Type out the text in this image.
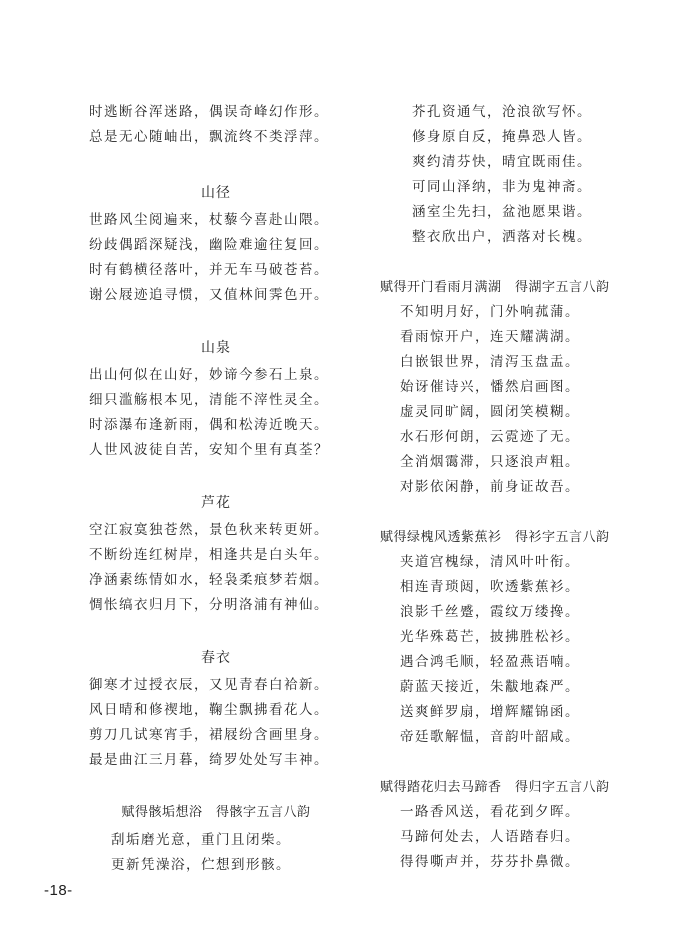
时逃断谷浑迷路，偶误奇峰幻作形。

总是无心随岫出，飘流终不类浮萍。

山径

世路风尘阅遍来，杖藜今喜赴山隈。

纷歧偶蹈深疑浅，幽险难逾往复回。

时有鹤横径落叶，并无车马破苍苔。

谢公屐迹追寻惯，又值林间霁色开。

山泉

出山何似在山好，妙谛今参石上泉。

细只滥觞根本见，清能不滓性灵全。

时添瀑布逢新雨，偶和松涛近晚天。

人世风波徒自苦，安知个里有真荃？

芦花

空江寂寞独苍然，景色秋来转更妍。

不断纷连红树岸，相逢共是白头年。

净涵素练情如水，轻袅柔痕梦若烟。

惆怅缟衣归月下，分明洛浦有神仙。

春衣

御寒才过授衣辰，又见青春白袷新。

风日晴和修禊地，鞠尘飘拂看花人。

剪刀几试寒宵手，裙屐纷含画里身。

最是曲江三月暮，绮罗处处写丰神。

赋得骸垢想浴　得骸字五言八韵

刮垢磨光意，重门且闭柴。

更新凭澡浴，伫想到形骸。

芥孔资通气，沧浪欲写怀。

修身原自反，掩鼻恐人皆。

爽约清芬快，晴宜既雨佳。

可同山泽纳，非为鬼神斋。

涵室尘先扫，盆池愿果谐。

整衣欣出户，洒落对长槐。

赋得开门看雨月满湖　得湖字五言八韵

不知明月好，门外响菰蒲。

看雨惊开户，连天耀满湖。

白嵌银世界，清泻玉盘盂。

始讶催诗兴，憣然启画图。

虚灵同旷阔，圆闭笑模糊。

水石形何朗，云霓迹了无。

全消烟霭滞，只逐浪声粗。

对影依闲静，前身证故吾。

赋得绿槐风透紫蕉衫　得衫字五言八韵

夹道宫槐绿，清风叶叶衔。

相连青琐闼，吹透紫蕉衫。

浪影千丝蹙，霞纹万缕搀。

光华殊葛芒，披拂胜松衫。

遇合鸿毛顺，轻盈燕语喃。

蔚蓝天接近，朱黻地森严。

送爽鲜罗扇，增辉耀锦函。

帝廷歌解愠，音韵叶韶咸。

赋得踏花归去马蹄香　得归字五言八韵

一路香风送，看花到夕晖。

马蹄何处去，人语踏春归。

得得嘶声并，芬芬扑鼻微。

-18-
